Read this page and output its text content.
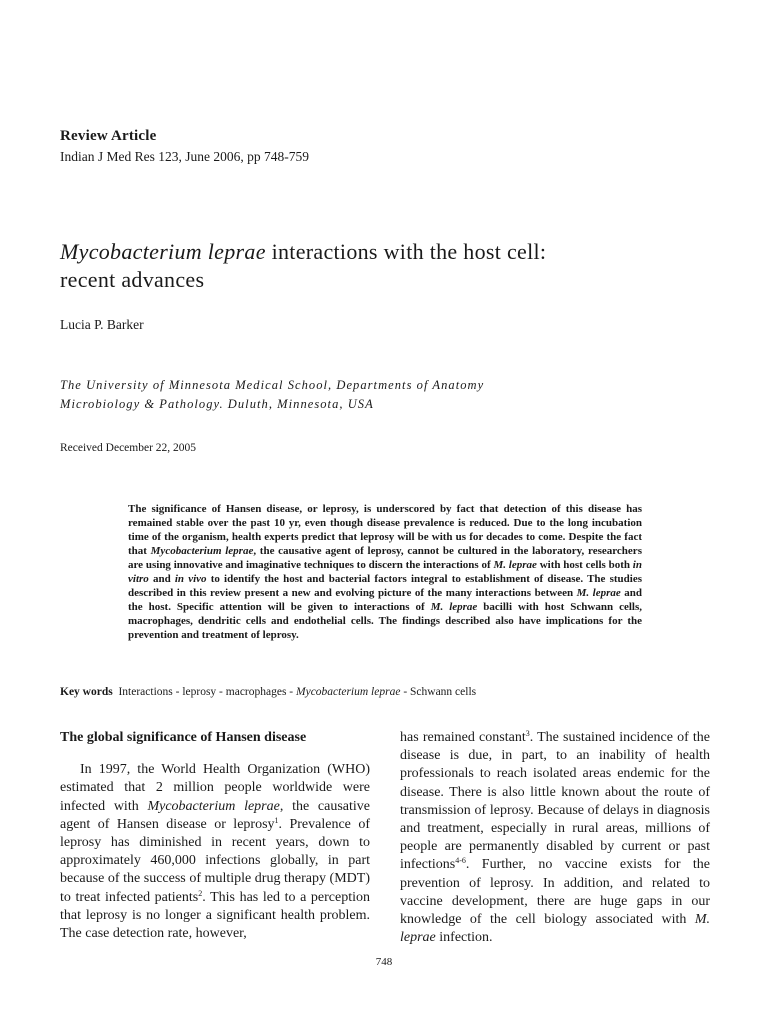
Review Article
Indian J Med Res 123, June 2006, pp 748-759
Mycobacterium leprae interactions with the host cell:
recent advances
Lucia P. Barker
The University of Minnesota Medical School, Departments of Anatomy
Microbiology & Pathology. Duluth, Minnesota, USA
Received December 22, 2005

The significance of Hansen disease, or leprosy, is underscored by fact that detection of this disease has remained stable over the past 10 yr, even though disease prevalence is reduced. Due to the long incubation time of the organism, health experts predict that leprosy will be with us for decades to come. Despite the fact that Mycobacterium leprae, the causative agent of leprosy, cannot be cultured in the laboratory, researchers are using innovative and imaginative techniques to discern the interactions of M. leprae with host cells both in vitro and in vivo to identify the host and bacterial factors integral to establishment of disease. The studies described in this review present a new and evolving picture of the many interactions between M. leprae and the host. Specific attention will be given to interactions of M. leprae bacilli with host Schwann cells, macrophages, dendritic cells and endothelial cells. The findings described also have implications for the prevention and treatment of leprosy.

Key words Interactions - leprosy - macrophages - Mycobacterium leprae - Schwann cells

The global significance of Hansen disease

In 1997, the World Health Organization (WHO) estimated that 2 million people worldwide were infected with Mycobacterium leprae, the causative agent of Hansen disease or leprosy$^1$. Prevalence of leprosy has diminished in recent years, down to approximately 460,000 infections globally, in part because of the success of multiple drug therapy (MDT) to treat infected patients$^2$. This has led to a perception that leprosy is no longer a significant health problem. The case detection rate, however,

has remained constant$^3$. The sustained incidence of the disease is due, in part, to an inability of health professionals to reach isolated areas endemic for the disease. There is also little known about the route of transmission of leprosy. Because of delays in diagnosis and treatment, especially in rural areas, millions of people are permanently disabled by current or past infections$^{4-6}$. Further, no vaccine exists for the prevention of leprosy. In addition, and related to vaccine development, there are huge gaps in our knowledge of the cell biology associated with M. leprae infection.

748
